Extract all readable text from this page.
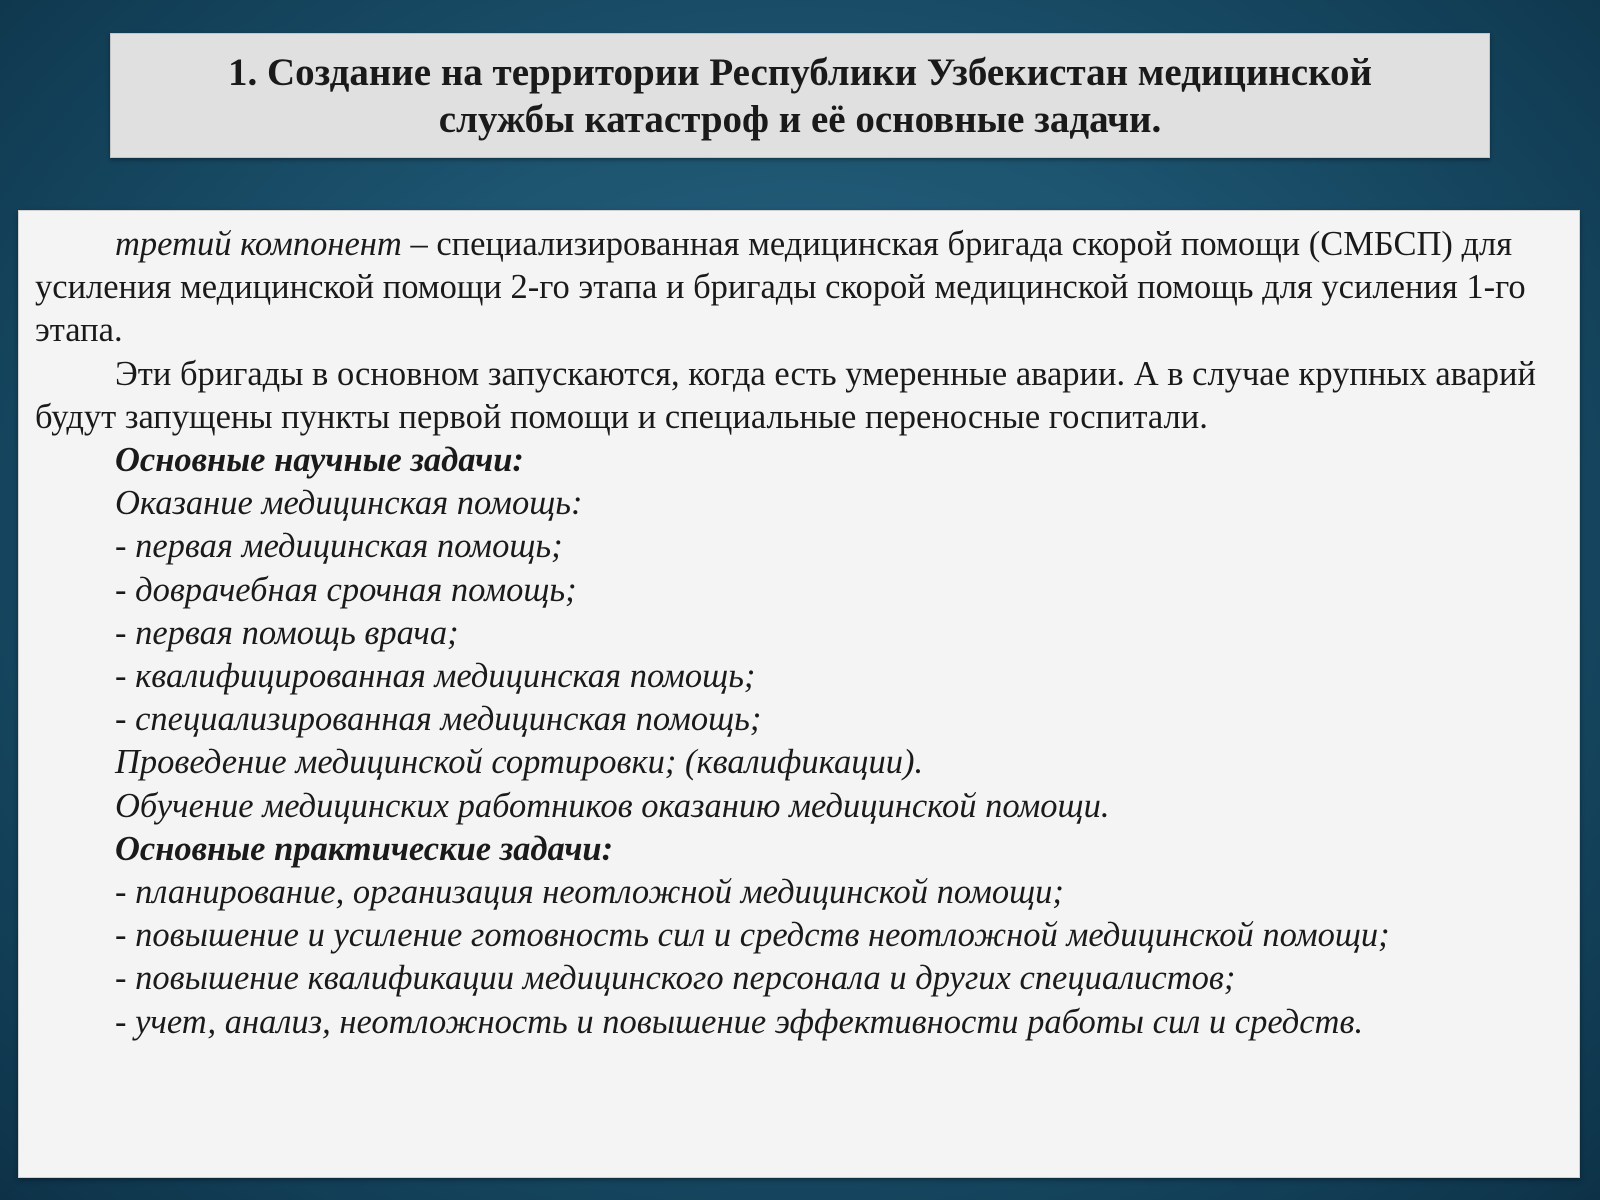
1. Создание на территории Республики Узбекистан медицинской
службы катастроф и её основные задачи.

третий компонент – специализированная медицинская бригада скорой помощи (СМБСП) для усиления медицинской помощи 2-го этапа и бригады скорой медицинской помощь для усиления 1-го этапа.

Эти бригады в основном запускаются, когда есть умеренные аварии. А в случае крупных аварий будут запущены пункты первой помощи и специальные переносные госпитали.

Основные научные задачи:

Оказание медицинская помощь:

- первая медицинская помощь;

- доврачебная срочная помощь;

- первая помощь врача;

- квалифицированная медицинская помощь;

- специализированная медицинская помощь;

Проведение медицинской сортировки; (квалификации).

Обучение медицинских работников оказанию медицинской помощи.

Основные практические задачи:

- планирование, организация неотложной медицинской помощи;

- повышение и усиление готовность сил и средств неотложной медицинской помощи;

- повышение квалификации медицинского персонала и других специалистов;

- учет, анализ, неотложность и повышение эффективности работы сил и средств.
